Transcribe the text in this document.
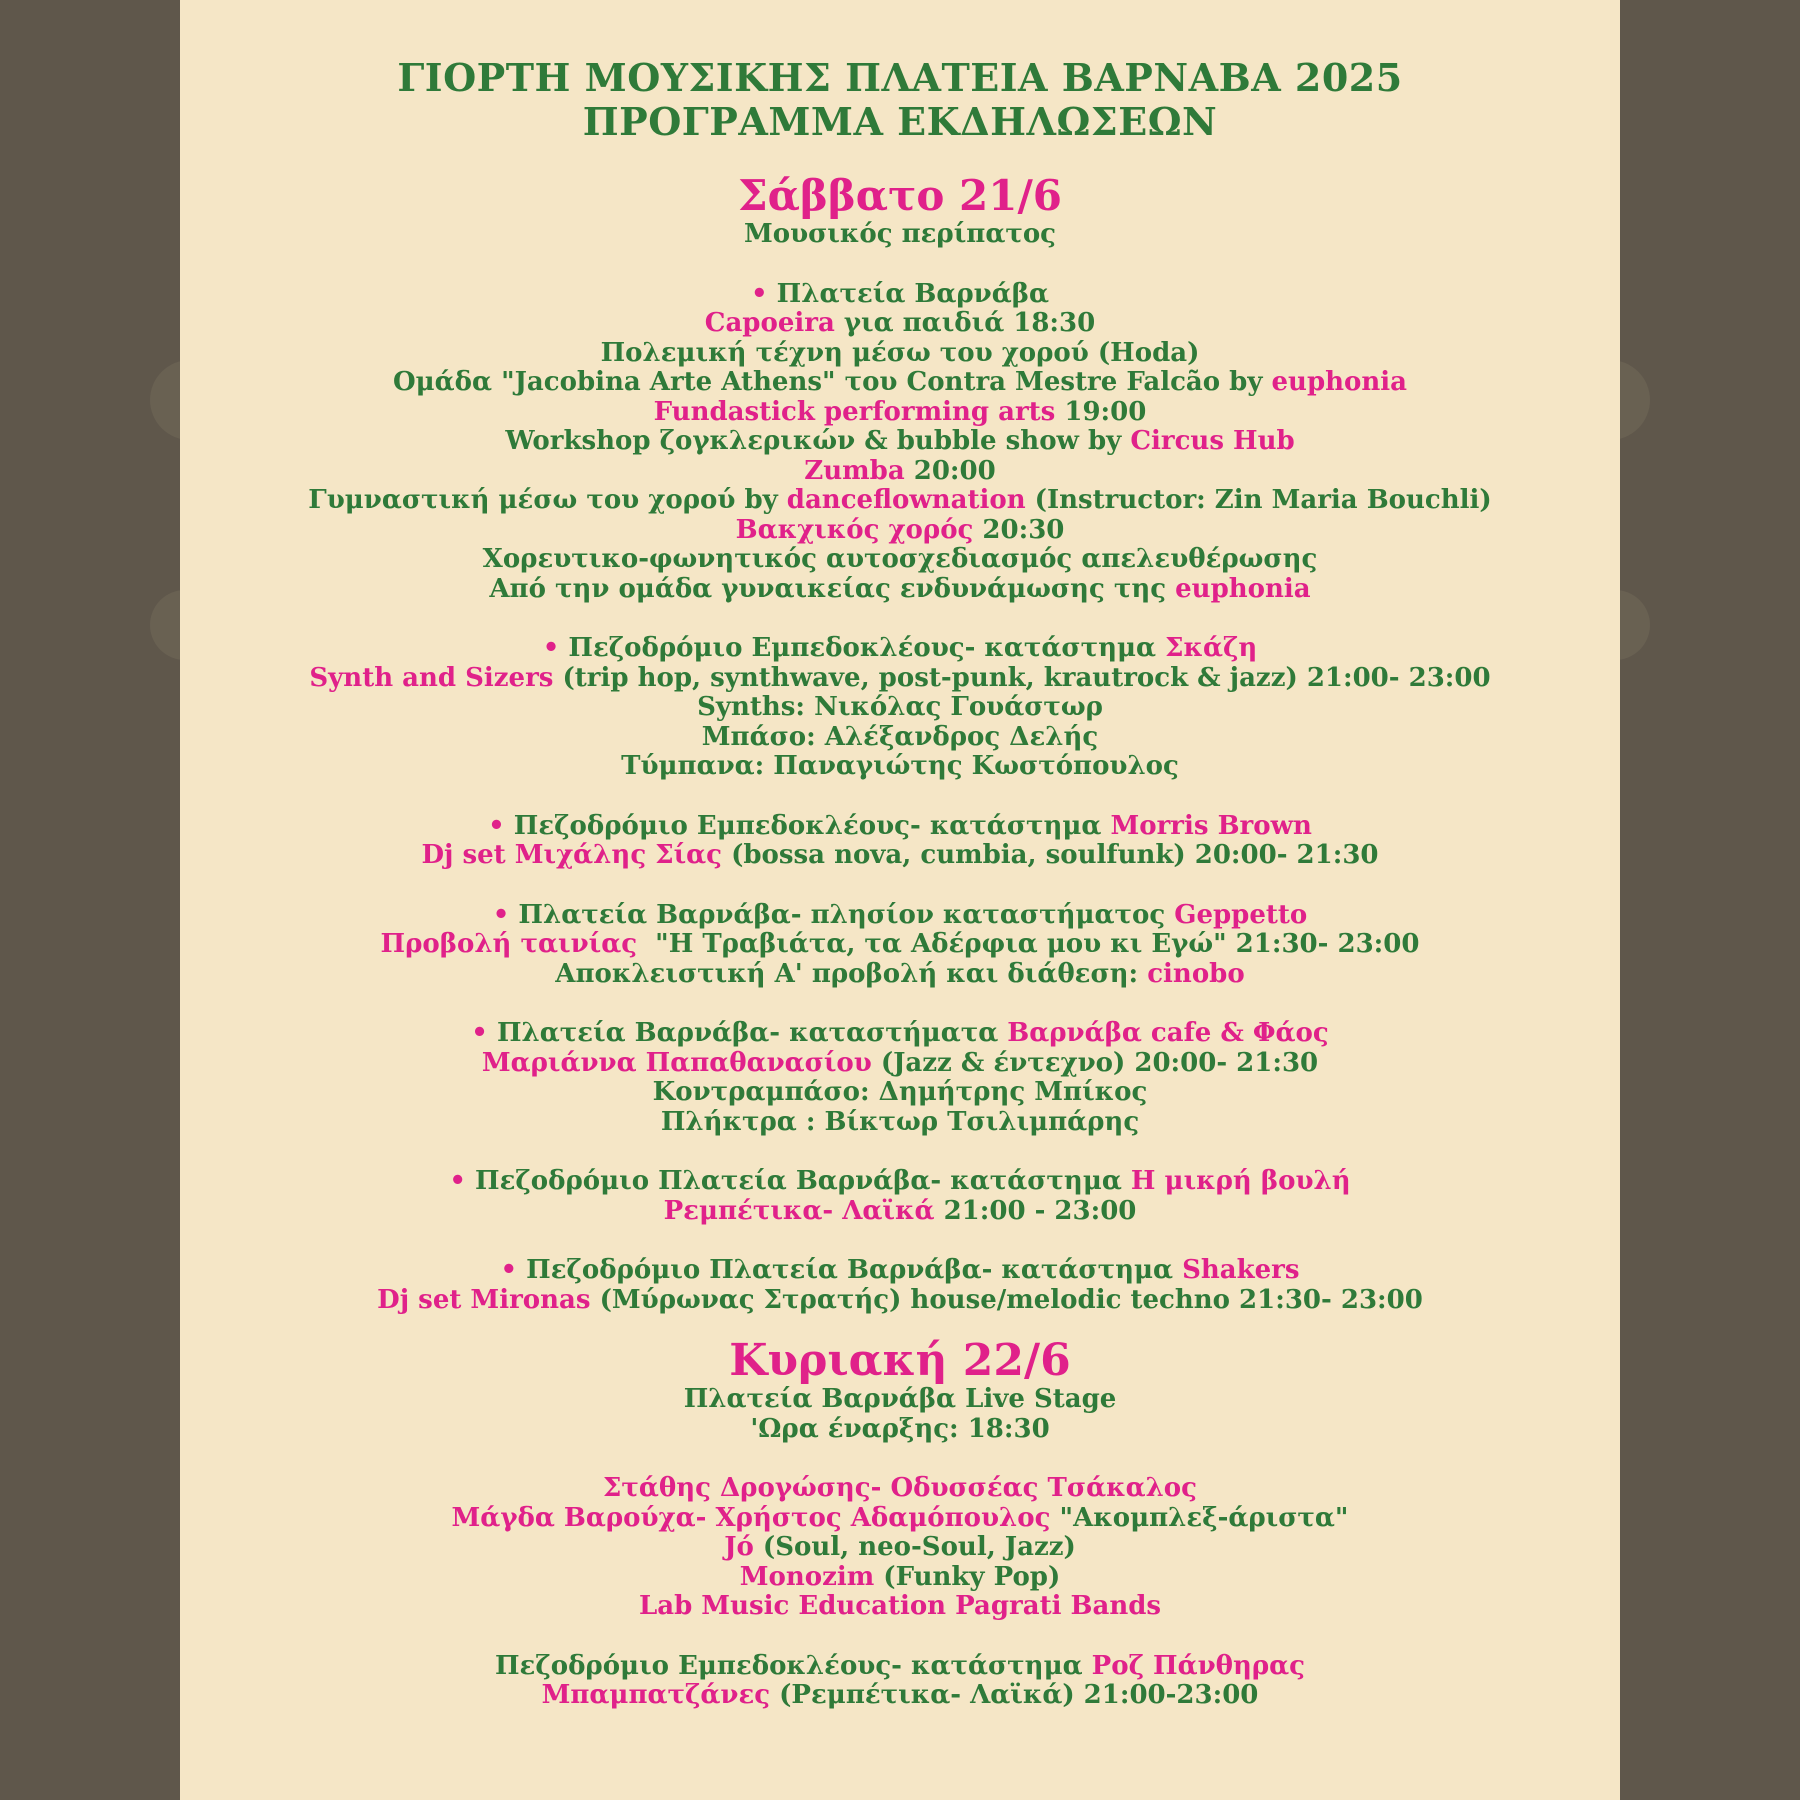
ΓΙΟΡΤΗ ΜΟΥΣΙΚΗΣ ΠΛΑΤΕΙΑ ΒΑΡΝΑΒΑ 2025
ΠΡΟΓΡΑΜΜΑ ΕΚΔΗΛΩΣΕΩΝ
Σάββατο 21/6
Μουσικός περίπατος
• Πλατεία Βαρνάβα
Capoeira για παιδιά 18:30
Πολεμική τέχνη μέσω του χορού (Hoda)
Ομάδα "Jacobina Arte Athens" του Contra Mestre Falcão by euphonia
Fundastick performing arts 19:00
Workshop ζογκλερικών & bubble show by Circus Hub
Zumba 20:00
Γυμναστική μέσω του χορού by danceflownation (Instructor: Zin Maria Bouchli)
Βακχικός χορός 20:30
Χορευτικο-φωνητικός αυτοσχεδιασμός απελευθέρωσης
Από την ομάδα γυναικείας ενδυνάμωσης της euphonia
• Πεζοδρόμιο Εμπεδοκλέους- κατάστημα Σκάζη
Synth and Sizers (trip hop, synthwave, post-punk, krautrock & jazz) 21:00- 23:00
Synths: Νικόλας Γουάστωρ
Μπάσο: Αλέξανδρος Δελής
Τύμπανα: Παναγιώτης Κωστόπουλος
• Πεζοδρόμιο Εμπεδοκλέους- κατάστημα Morris Brown
Dj set Μιχάλης Σίας (bossa nova, cumbia, soulfunk) 20:00- 21:30
• Πλατεία Βαρνάβα- πλησίον καταστήματος Geppetto
Προβολή ταινίας  "Η Τραβιάτα, τα Αδέρφια μου κι Εγώ" 21:30- 23:00
Αποκλειστική Α' προβολή και διάθεση: cinobo
• Πλατεία Βαρνάβα- καταστήματα Βαρνάβα cafe & Φάος
Μαριάννα Παπαθανασίου (Jazz & έντεχνο) 20:00- 21:30
Κοντραμπάσο: Δημήτρης Μπίκος
Πλήκτρα : Βίκτωρ Τσιλιμπάρης
• Πεζοδρόμιο Πλατεία Βαρνάβα- κατάστημα Η μικρή βουλή
Ρεμπέτικα- Λαϊκά 21:00 - 23:00
• Πεζοδρόμιο Πλατεία Βαρνάβα- κατάστημα Shakers
Dj set Mironas (Μύρωνας Στρατής) house/melodic techno 21:30- 23:00
Κυριακή 22/6
Πλατεία Βαρνάβα Live Stage
'Ωρα έναρξης: 18:30
Στάθης Δρογώσης- Οδυσσέας Τσάκαλος
Μάγδα Βαρούχα- Χρήστος Αδαμόπουλος "Ακομπλεξ-άριστα"
Jó (Soul, neo-Soul, Jazz)
Monozim (Funky Pop)
Lab Music Education Pagrati Bands
Πεζοδρόμιο Εμπεδοκλέους- κατάστημα Ροζ Πάνθηρας
Μπαμπατζάνες (Ρεμπέτικα- Λαϊκά) 21:00-23:00
